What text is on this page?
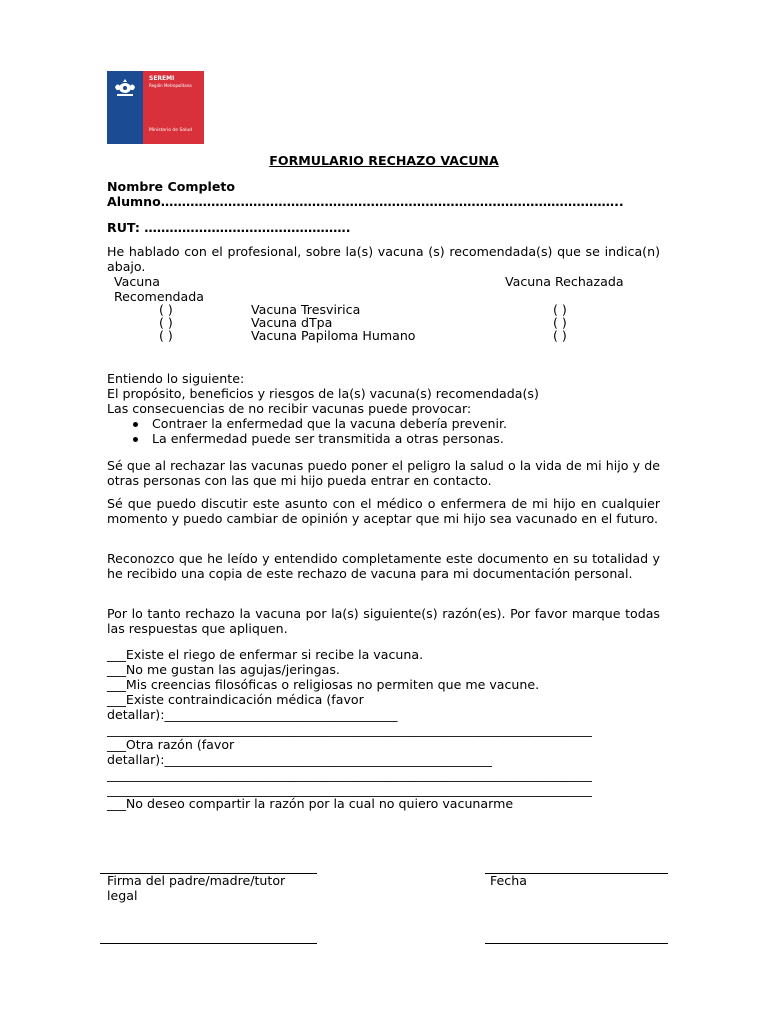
SEREMI
Región Metropolitana
Ministerio de Salud
FORMULARIO RECHAZO VACUNA
Nombre Completo
Alumno………………………………………………………………………………………………..
RUT: ………………………………………….
He hablado con el profesional, sobre la(s) vacuna (s) recomendada(s) que se indica(n) abajo.
Vacuna
Recomendada
Vacuna Rechazada
( )	Vacuna Tresvirica	( )
( )	Vacuna dTpa	( )
( )	Vacuna Papiloma Humano	( )
Entiendo lo siguiente:
El propósito, beneficios y riesgos de la(s) vacuna(s) recomendada(s)
Las consecuencias de no recibir vacunas puede provocar:
Contraer la enfermedad que la vacuna debería prevenir.
La enfermedad puede ser transmitida a otras personas.
Sé que al rechazar las vacunas puedo poner el peligro la salud o la vida de mi hijo y de otras personas con las que mi hijo pueda entrar en contacto.
Sé que puedo discutir este asunto con el médico o enfermera de mi hijo en cualquier momento y puedo cambiar de opinión y aceptar que mi hijo sea vacunado en el futuro.
Reconozco que he leído y entendido completamente este documento en su totalidad y he recibido una copia de este rechazo de vacuna para mi documentación personal.
Por lo tanto rechazo la vacuna por la(s) siguiente(s) razón(es). Por favor marque todas las respuestas que apliquen.
___Existe el riego de enfermar si recibe la vacuna.
___No me gustan las agujas/jeringas.
___Mis creencias filosóficas o religiosas no permiten que me vacune.
___Existe contraindicación médica (favor
detallar):_____________________________________
_____________________________________________________________________________
___Otra razón (favor
detallar):____________________________________________________
_____________________________________________________________________________
_____________________________________________________________________________
___No deseo compartir la razón por la cual no quiero vacunarme
Firma del padre/madre/tutor
legal
Fecha
